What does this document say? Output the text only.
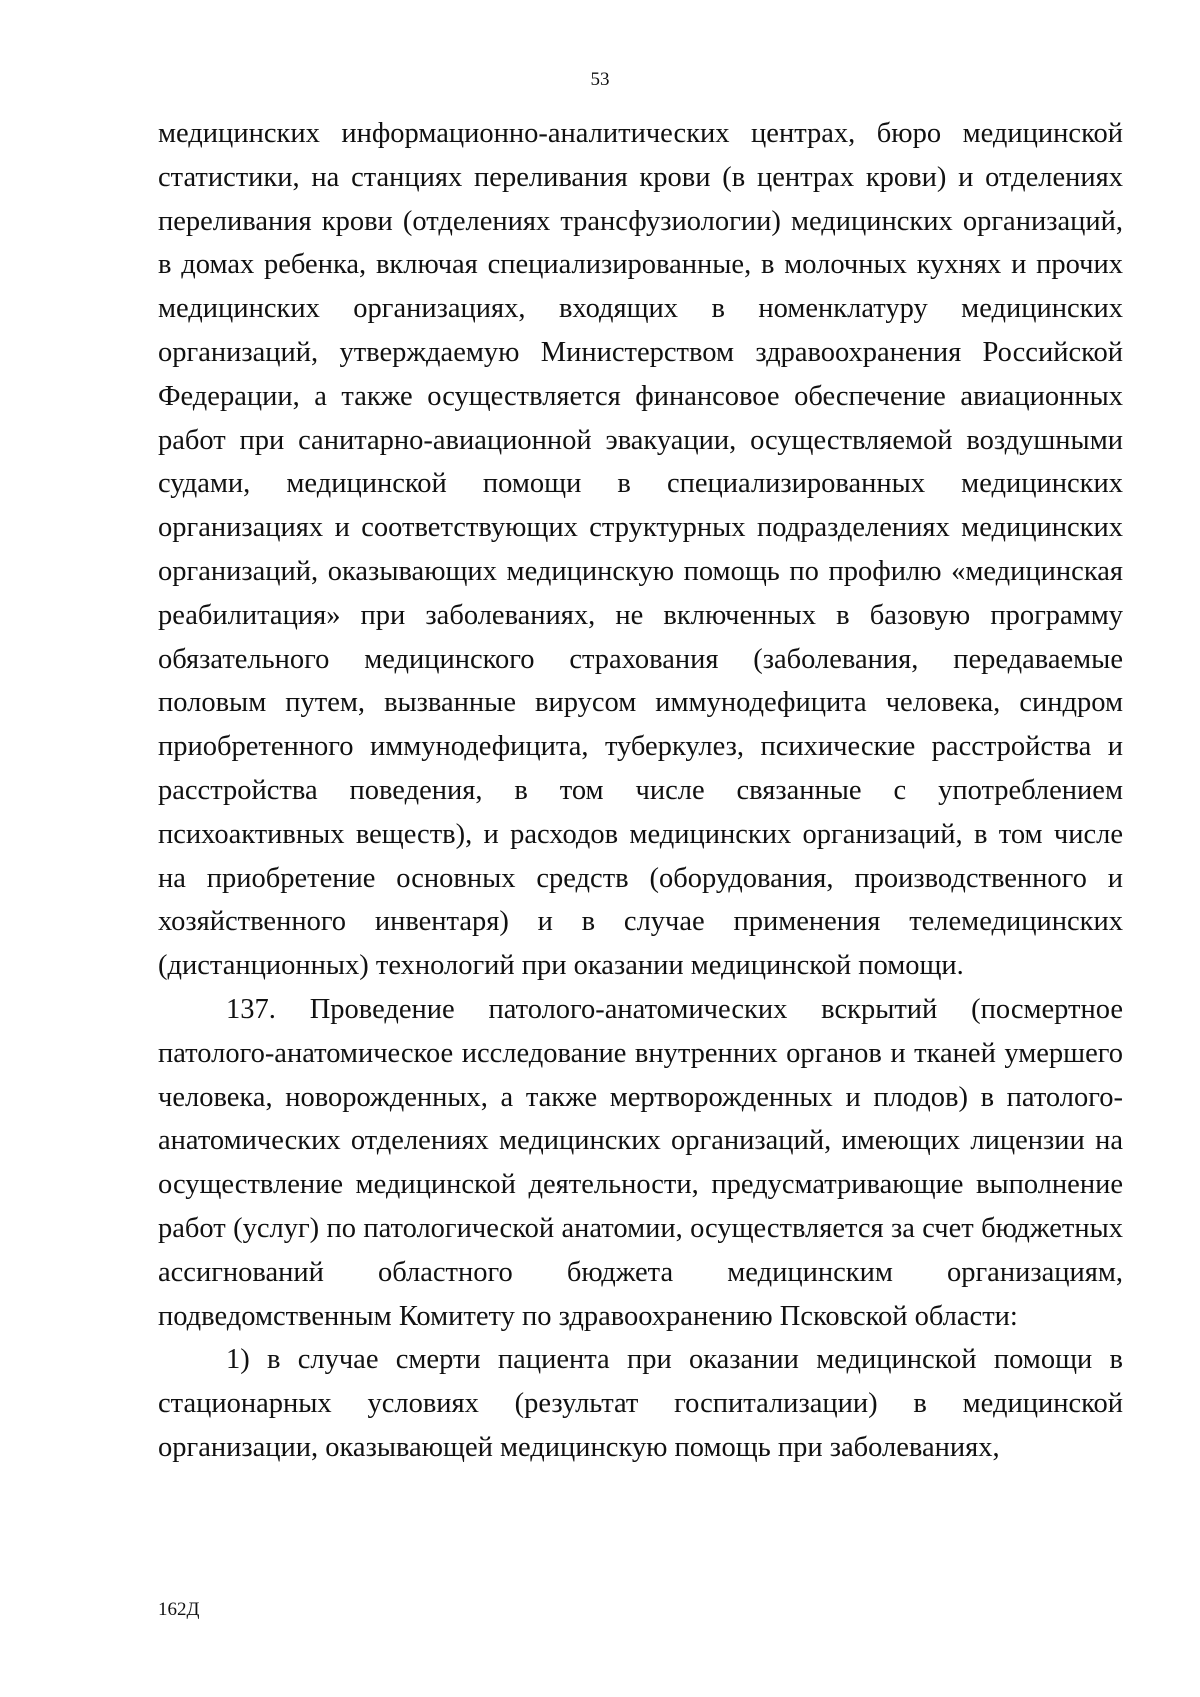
53

медицинских информационно-аналитических центрах, бюро медицинской статистики, на станциях переливания крови (в центрах крови) и отделениях переливания крови (отделениях трансфузиологии) медицинских организаций, в домах ребенка, включая специализированные, в молочных кухнях и прочих медицинских организациях, входящих в номенклатуру медицинских организаций, утверждаемую Министерством здравоохранения Российской Федерации, а также осуществляется финансовое обеспечение авиационных работ при санитарно-авиационной эвакуации, осуществляемой воздушными судами, медицинской помощи в специализированных медицинских организациях и соответствующих структурных подразделениях медицинских организаций, оказывающих медицинскую помощь по профилю «медицинская реабилитация» при заболеваниях, не включенных в базовую программу обязательного медицинского страхования (заболевания, передаваемые половым путем, вызванные вирусом иммунодефицита человека, синдром приобретенного иммунодефицита, туберкулез, психические расстройства и расстройства поведения, в том числе связанные с употреблением психоактивных веществ), и расходов медицинских организаций, в том числе на приобретение основных средств (оборудования, производственного и хозяйственного инвентаря) и в случае применения телемедицинских (дистанционных) технологий при оказании медицинской помощи.

137. Проведение патолого-анатомических вскрытий (посмертное патолого-анатомическое исследование внутренних органов и тканей умершего человека, новорожденных, а также мертворожденных и плодов) в патолого-анатомических отделениях медицинских организаций, имеющих лицензии на осуществление медицинской деятельности, предусматривающие выполнение работ (услуг) по патологической анатомии, осуществляется за счет бюджетных ассигнований областного бюджета медицинским организациям, подведомственным Комитету по здравоохранению Псковской области:

1) в случае смерти пациента при оказании медицинской помощи в стационарных условиях (результат госпитализации) в медицинской организации, оказывающей медицинскую помощь при заболеваниях,

162Д
